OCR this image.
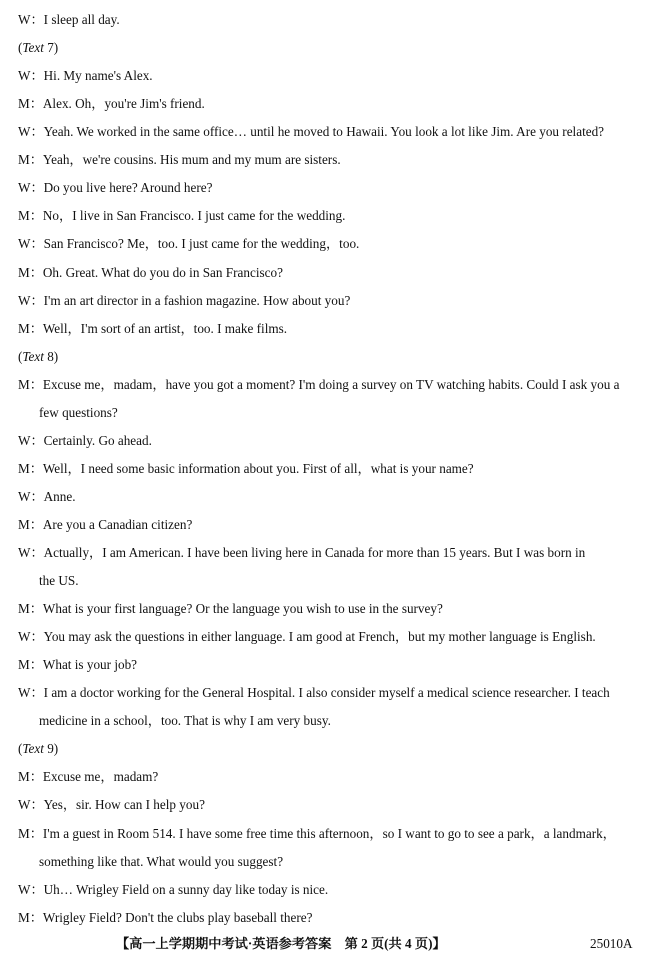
W：I sleep all day.
(Text 7)
W：Hi. My name's Alex.
M：Alex. Oh，you're Jim's friend.
W：Yeah. We worked in the same office… until he moved to Hawaii. You look a lot like Jim. Are you related?
M：Yeah，we're cousins. His mum and my mum are sisters.
W：Do you live here? Around here?
M：No，I live in San Francisco. I just came for the wedding.
W：San Francisco? Me，too. I just came for the wedding，too.
M：Oh. Great. What do you do in San Francisco?
W：I'm an art director in a fashion magazine. How about you?
M：Well，I'm sort of an artist，too. I make films.
(Text 8)
M：Excuse me，madam，have you got a moment? I'm doing a survey on TV watching habits. Could I ask you a
few questions?
W：Certainly. Go ahead.
M：Well，I need some basic information about you. First of all，what is your name?
W：Anne.
M：Are you a Canadian citizen?
W：Actually，I am American. I have been living here in Canada for more than 15 years. But I was born in
the US.
M：What is your first language? Or the language you wish to use in the survey?
W：You may ask the questions in either language. I am good at French，but my mother language is English.
M：What is your job?
W：I am a doctor working for the General Hospital. I also consider myself a medical science researcher. I teach
medicine in a school，too. That is why I am very busy.
(Text 9)
M：Excuse me，madam?
W：Yes，sir. How can I help you?
M：I'm a guest in Room 514. I have some free time this afternoon，so I want to go to see a park，a landmark，
something like that. What would you suggest?
W：Uh… Wrigley Field on a sunny day like today is nice.
M：Wrigley Field? Don't the clubs play baseball there?
【高一上学期期中考试·英语参考答案　第 2 页(共 4 页)】	25010A
